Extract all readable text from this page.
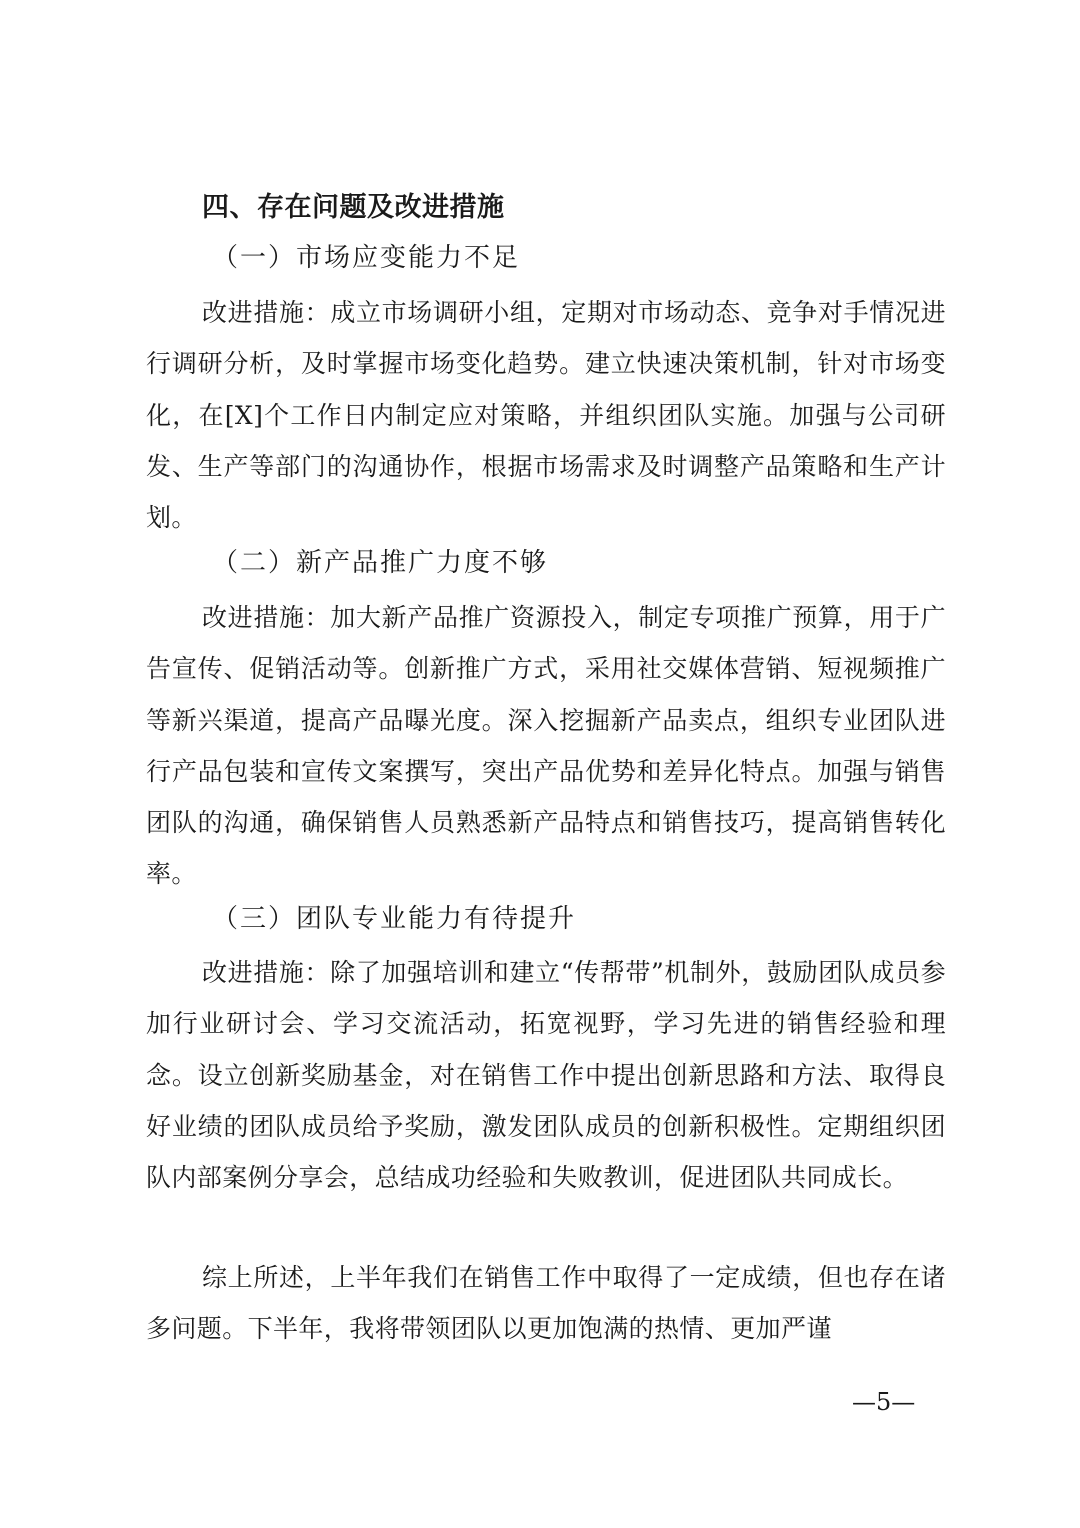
四、存在问题及改进措施
（一）市场应变能力不足

改进措施：成立市场调研小组，定期对市场动态、竞争对手情况进行调研分析，及时掌握市场变化趋势。建立快速决策机制，针对市场变化，在[X]个工作日内制定应对策略，并组织团队实施。加强与公司研发、生产等部门的沟通协作，根据市场需求及时调整产品策略和生产计划。

（二）新产品推广力度不够

改进措施：加大新产品推广资源投入，制定专项推广预算，用于广告宣传、促销活动等。创新推广方式，采用社交媒体营销、短视频推广等新兴渠道，提高产品曝光度。深入挖掘新产品卖点，组织专业团队进行产品包装和宣传文案撰写，突出产品优势和差异化特点。加强与销售团队的沟通，确保销售人员熟悉新产品特点和销售技巧，提高销售转化率。

（三）团队专业能力有待提升

改进措施：除了加强培训和建立“传帮带”机制外，鼓励团队成员参加行业研讨会、学习交流活动，拓宽视野，学习先进的销售经验和理念。设立创新奖励基金，对在销售工作中提出创新思路和方法、取得良好业绩的团队成员给予奖励，激发团队成员的创新积极性。定期组织团队内部案例分享会，总结成功经验和失败教训，促进团队共同成长。

综上所述，上半年我们在销售工作中取得了一定成绩，但也存在诸多问题。下半年，我将带领团队以更加饱满的热情、更加严谨

—5—
